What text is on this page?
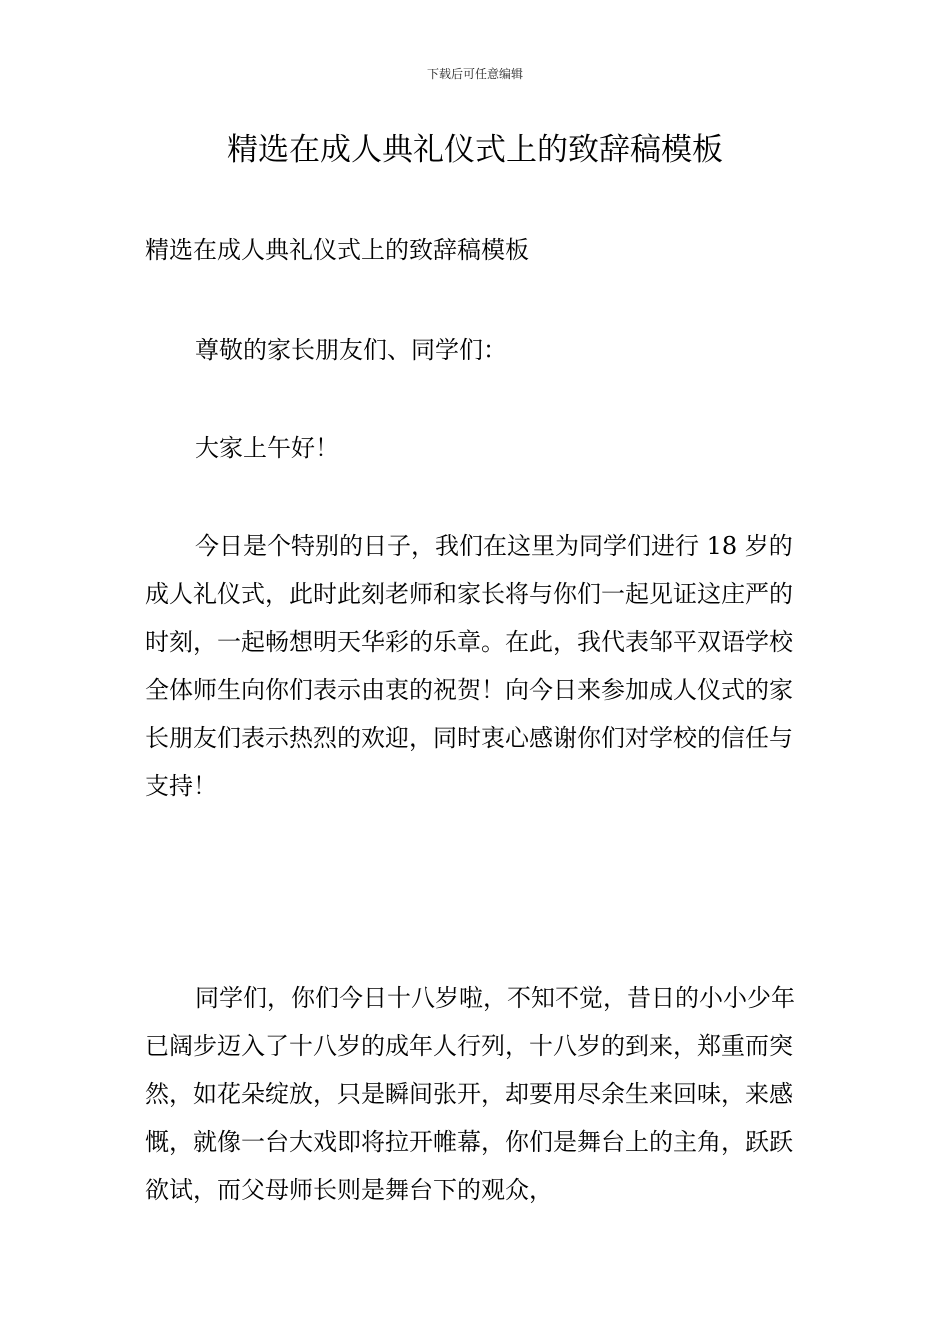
下载后可任意编辑
精选在成人典礼仪式上的致辞稿模板

精选在成人典礼仪式上的致辞稿模板

尊敬的家长朋友们、同学们：

大家上午好！

今日是个特别的日子，我们在这里为同学们进行 18 岁的成人礼仪式，此时此刻老师和家长将与你们一起见证这庄严的时刻，一起畅想明天华彩的乐章。在此，我代表邹平双语学校全体师生向你们表示由衷的祝贺！向今日来参加成人仪式的家长朋友们表示热烈的欢迎，同时衷心感谢你们对学校的信任与支持！

同学们，你们今日十八岁啦，不知不觉，昔日的小小少年已阔步迈入了十八岁的成年人行列，十八岁的到来，郑重而突然，如花朵绽放，只是瞬间张开，却要用尽余生来回味，来感慨，就像一台大戏即将拉开帷幕，你们是舞台上的主角，跃跃欲试，而父母师长则是舞台下的观众，
